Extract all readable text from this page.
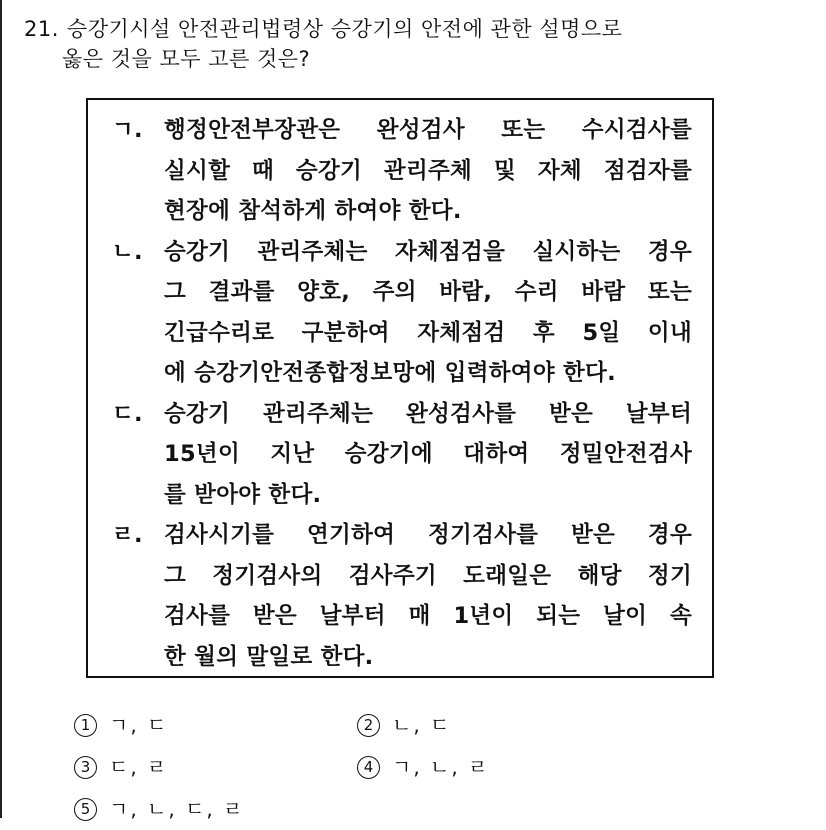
21. 승강기시설 안전관리법령상 승강기의 안전에 관한 설명으로
옳은 것을 모두 고른 것은?
ㄱ. 행정안전부장관은 완성검사 또는 수시검사를
실시할 때 승강기 관리주체 및 자체 점검자를
현장에 참석하게 하여야 한다.
ㄴ. 승강기 관리주체는 자체점검을 실시하는 경우
그 결과를 양호, 주의 바람, 수리 바람 또는
긴급수리로 구분하여 자체점검 후 5일 이내
에 승강기안전종합정보망에 입력하여야 한다.
ㄷ. 승강기 관리주체는 완성검사를 받은 날부터
15년이 지난 승강기에 대하여 정밀안전검사
를 받아야 한다.
ㄹ. 검사시기를 연기하여 정기검사를 받은 경우
그 정기검사의 검사주기 도래일은 해당 정기
검사를 받은 날부터 매 1년이 되는 날이 속
한 월의 말일로 한다.
1 ㄱ, ㄷ	2 ㄴ, ㄷ
3 ㄷ, ㄹ	4 ㄱ, ㄴ, ㄹ
5 ㄱ, ㄴ, ㄷ, ㄹ
